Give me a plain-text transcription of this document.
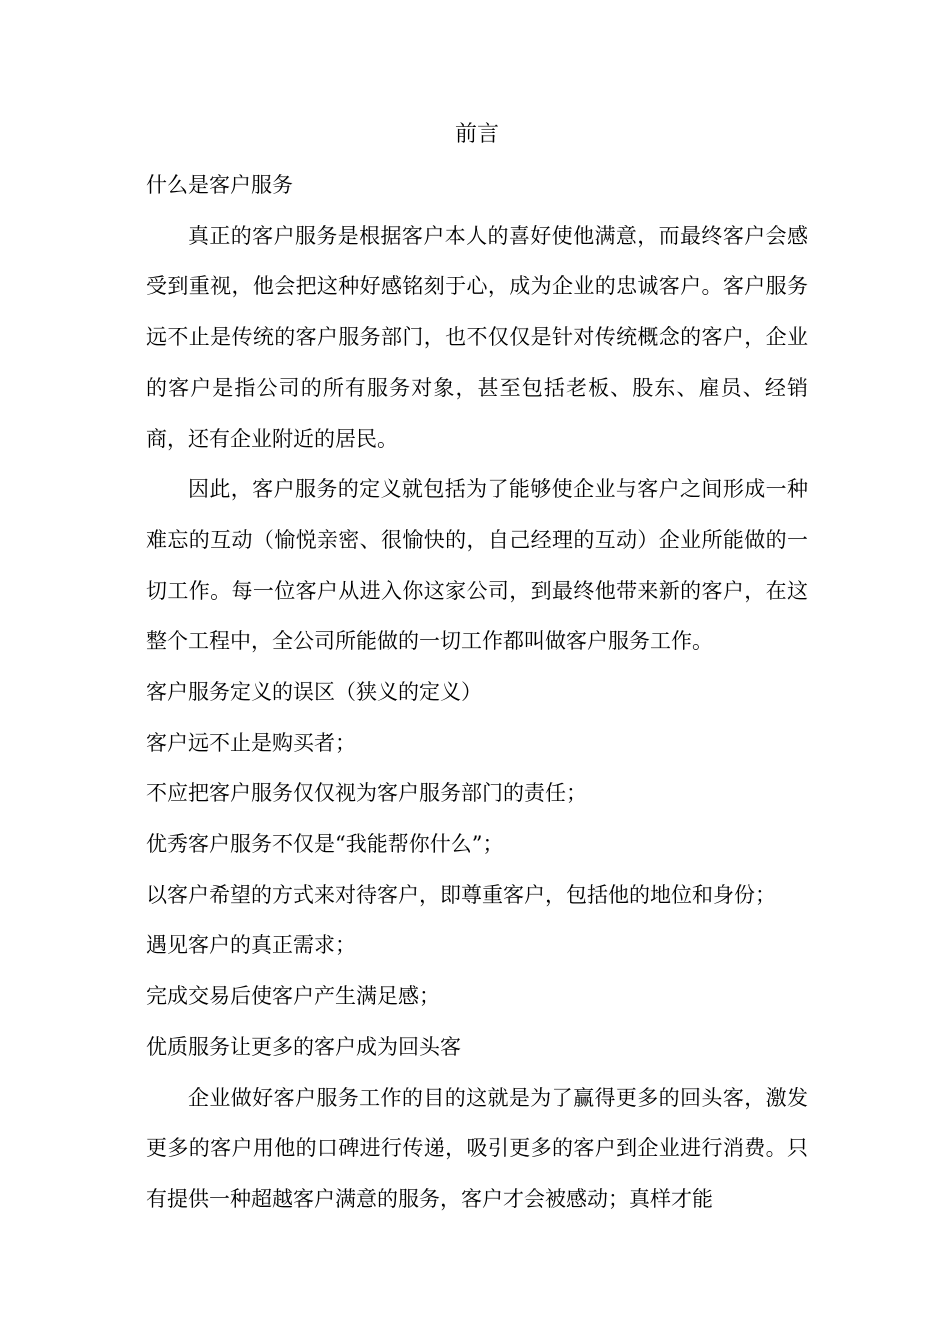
前言
什么是客户服务

真正的客户服务是根据客户本人的喜好使他满意，而最终客户会感受到重视，他会把这种好感铭刻于心，成为企业的忠诚客户。客户服务远不止是传统的客户服务部门，也不仅仅是针对传统概念的客户，企业的客户是指公司的所有服务对象，甚至包括老板、股东、雇员、经销商，还有企业附近的居民。

因此，客户服务的定义就包括为了能够使企业与客户之间形成一种难忘的互动（愉悦亲密、很愉快的，自己经理的互动）企业所能做的一切工作。每一位客户从进入你这家公司，到最终他带来新的客户，在这整个工程中，全公司所能做的一切工作都叫做客户服务工作。

客户服务定义的误区（狭义的定义）
客户远不止是购买者；
不应把客户服务仅仅视为客户服务部门的责任；
优秀客户服务不仅是“我能帮你什么”；
以客户希望的方式来对待客户，即尊重客户，包括他的地位和身份；
遇见客户的真正需求；
完成交易后使客户产生满足感；
优质服务让更多的客户成为回头客

企业做好客户服务工作的目的这就是为了赢得更多的回头客，激发更多的客户用他的口碑进行传递，吸引更多的客户到企业进行消费。只有提供一种超越客户满意的服务，客户才会被感动；真样才能
